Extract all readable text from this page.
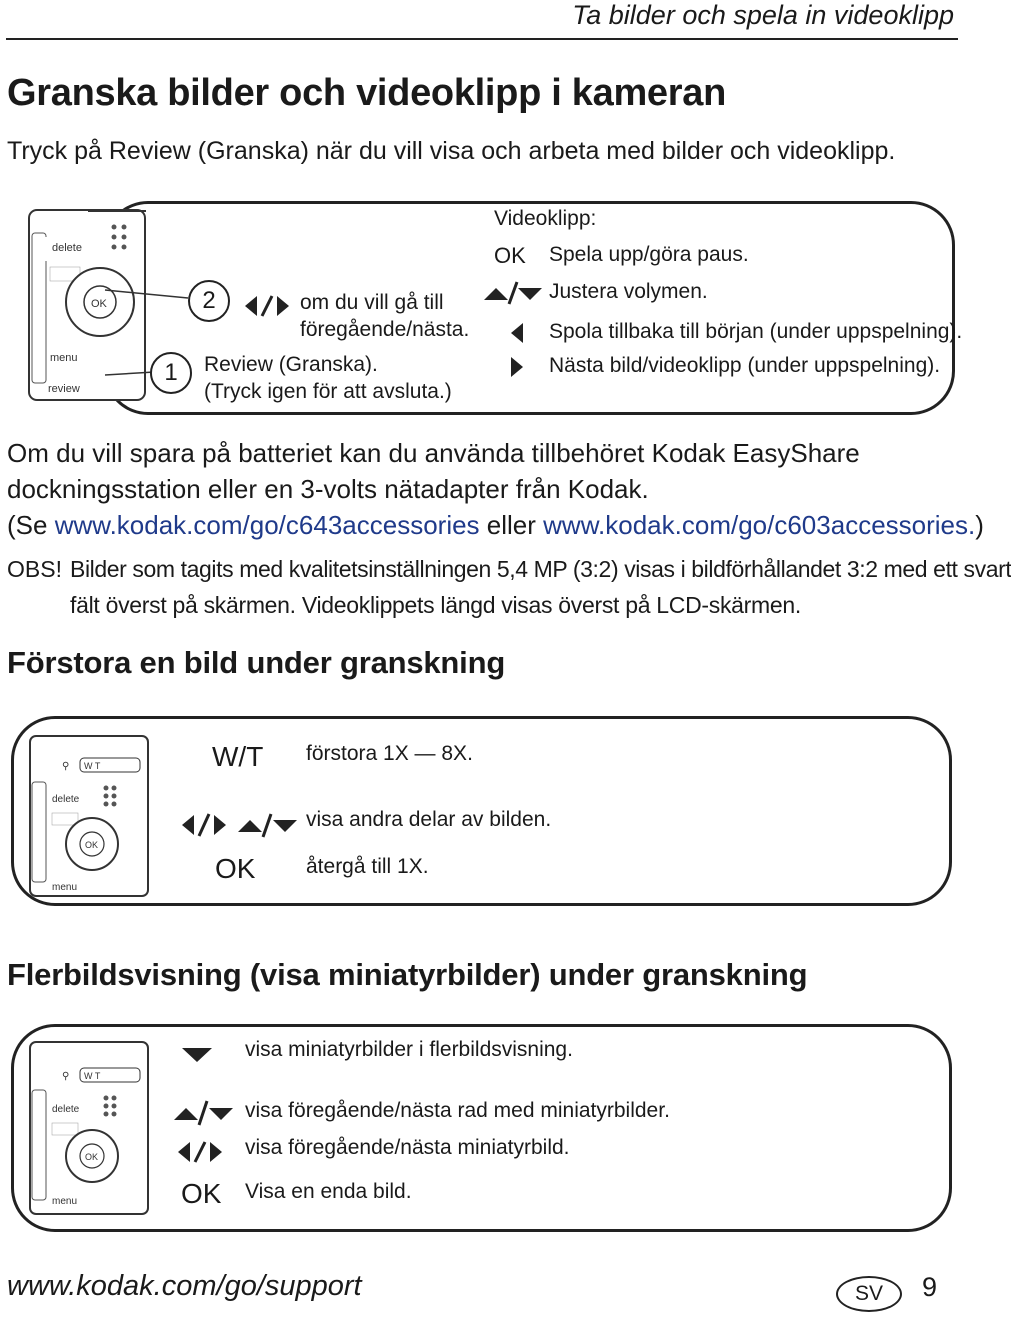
Ta bilder och spela in videoklipp
Granska bilder och videoklipp i kameran
Tryck på Review (Granska) när du vill visa och arbeta med bilder och videoklipp.
delete
OK
menu
review
2	om du vill gå till
föregående/nästa.
1	Review (Granska).
(Tryck igen för att avsluta.)
Videoklipp:
OK Spela upp/göra paus.
Justera volymen.
Spola tillbaka till början (under uppspelning).
Nästa bild/videoklipp (under uppspelning).
Om du vill spara på batteriet kan du använda tillbehöret Kodak EasyShare
dockningsstation eller en 3-volts nätadapter från Kodak.
(Se www.kodak.com/go/c643accessories eller www.kodak.com/go/c603accessories.)
OBS! Bilder som tagits med kvalitetsinställningen 5,4 MP (3:2) visas i bildförhållandet 3:2 med ett svart
fält överst på skärmen. Videoklippets längd visas överst på LCD-skärmen.
Förstora en bild under granskning
W T
⚲
delete
OK
menu
W/T förstora 1X — 8X.
visa andra delar av bilden.
OK återgå till 1X.
Flerbildsvisning (visa miniatyrbilder) under granskning
W T
⚲
delete
OK
menu
visa miniatyrbilder i flerbildsvisning.
visa föregående/nästa rad med miniatyrbilder.
visa föregående/nästa miniatyrbild.
OK Visa en enda bild.
www.kodak.com/go/support	SV	9
